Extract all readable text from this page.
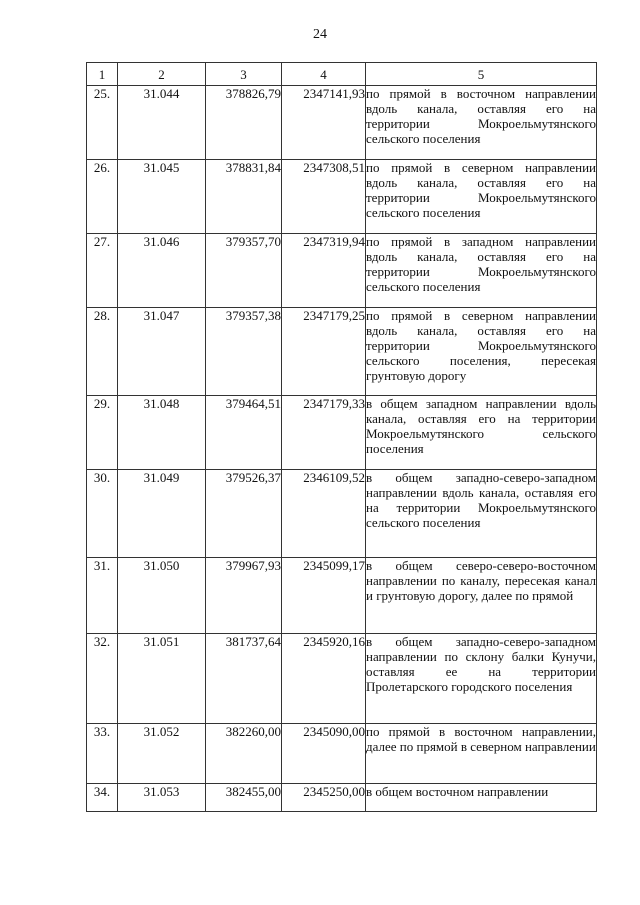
24
1	2	3	4	5
25.	31.044	378826,79	2347141,93	по прямой в восточном направлении вдоль канала, оставляя его на территории Мокроельмутянского сельского поселения
26.	31.045	378831,84	2347308,51	по прямой в северном направлении вдоль канала, оставляя его на территории Мокроельмутянского сельского поселения
27.	31.046	379357,70	2347319,94	по прямой в западном направлении вдоль канала, оставляя его на территории Мокроельмутянского сельского поселения
28.	31.047	379357,38	2347179,25	по прямой в северном направлении вдоль канала, оставляя его на территории Мокроельмутянского сельского поселения, пересекая грунтовую дорогу
29.	31.048	379464,51	2347179,33	в общем западном направлении вдоль канала, оставляя его на территории Мокроельмутянского сельского поселения
30.	31.049	379526,37	2346109,52	в общем западно-северо-западном направлении вдоль канала, оставляя его на территории Мокроельмутянского сельского поселения
31.	31.050	379967,93	2345099,17	в общем северо-северо-восточном направлении по каналу, пересекая канал и грунтовую дорогу, далее по прямой
32.	31.051	381737,64	2345920,16	в общем западно-северо-западном направлении по склону балки Кунучи, оставляя ее на территории Пролетарского городского поселения
33.	31.052	382260,00	2345090,00	по прямой в восточном направлении, далее по прямой в северном направлении
34.	31.053	382455,00	2345250,00	в общем восточном направлении
